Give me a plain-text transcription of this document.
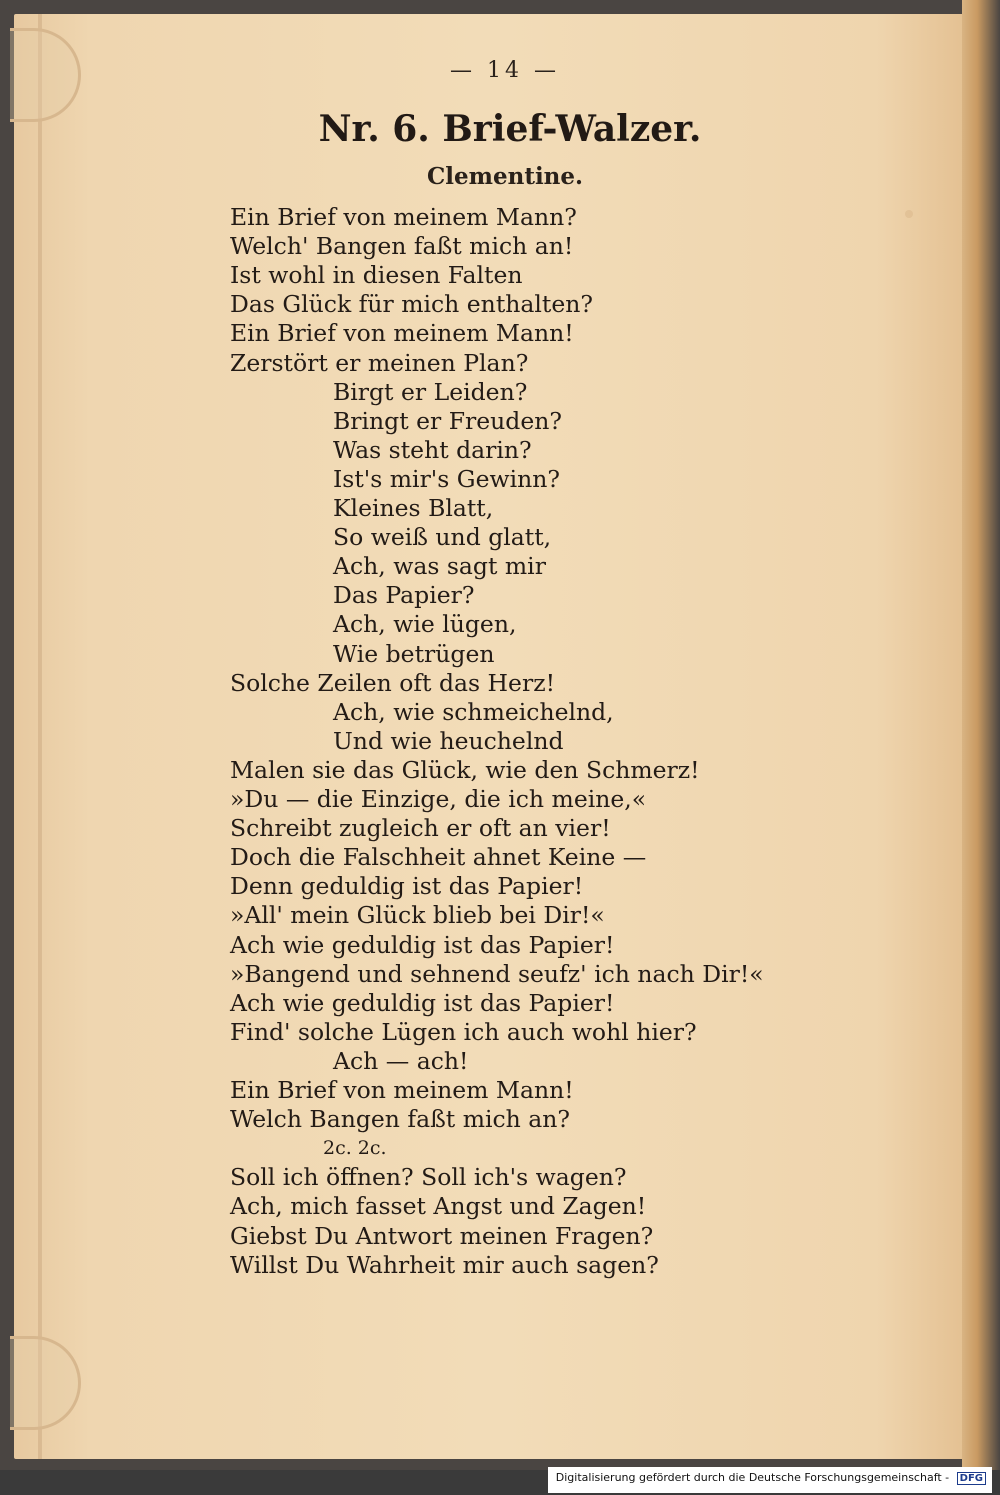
— 14 —
Nr. 6. Brief-Walzer.
Clementine.
Ein Brief von meinem Mann?
Welch' Bangen faßt mich an!
Ist wohl in diesen Falten
Das Glück für mich enthalten?
Ein Brief von meinem Mann!
Zerstört er meinen Plan?
Birgt er Leiden?
Bringt er Freuden?
Was steht darin?
Ist's mir's Gewinn?
Kleines Blatt,
So weiß und glatt,
Ach, was sagt mir
Das Papier?
Ach, wie lügen,
Wie betrügen
Solche Zeilen oft das Herz!
Ach, wie schmeichelnd,
Und wie heuchelnd
Malen sie das Glück, wie den Schmerz!
»Du — die Einzige, die ich meine,«
Schreibt zugleich er oft an vier!
Doch die Falschheit ahnet Keine —
Denn geduldig ist das Papier!
»All' mein Glück blieb bei Dir!«
Ach wie geduldig ist das Papier!
»Bangend und sehnend seufz' ich nach Dir!«
Ach wie geduldig ist das Papier!
Find' solche Lügen ich auch wohl hier?
Ach — ach!
Ein Brief von meinem Mann!
Welch Bangen faßt mich an?
2c. 2c.
Soll ich öffnen? Soll ich's wagen?
Ach, mich fasset Angst und Zagen!
Giebst Du Antwort meinen Fragen?
Willst Du Wahrheit mir auch sagen?
Digitalisierung gefördert durch die Deutsche Forschungsgemeinschaft - DFG
